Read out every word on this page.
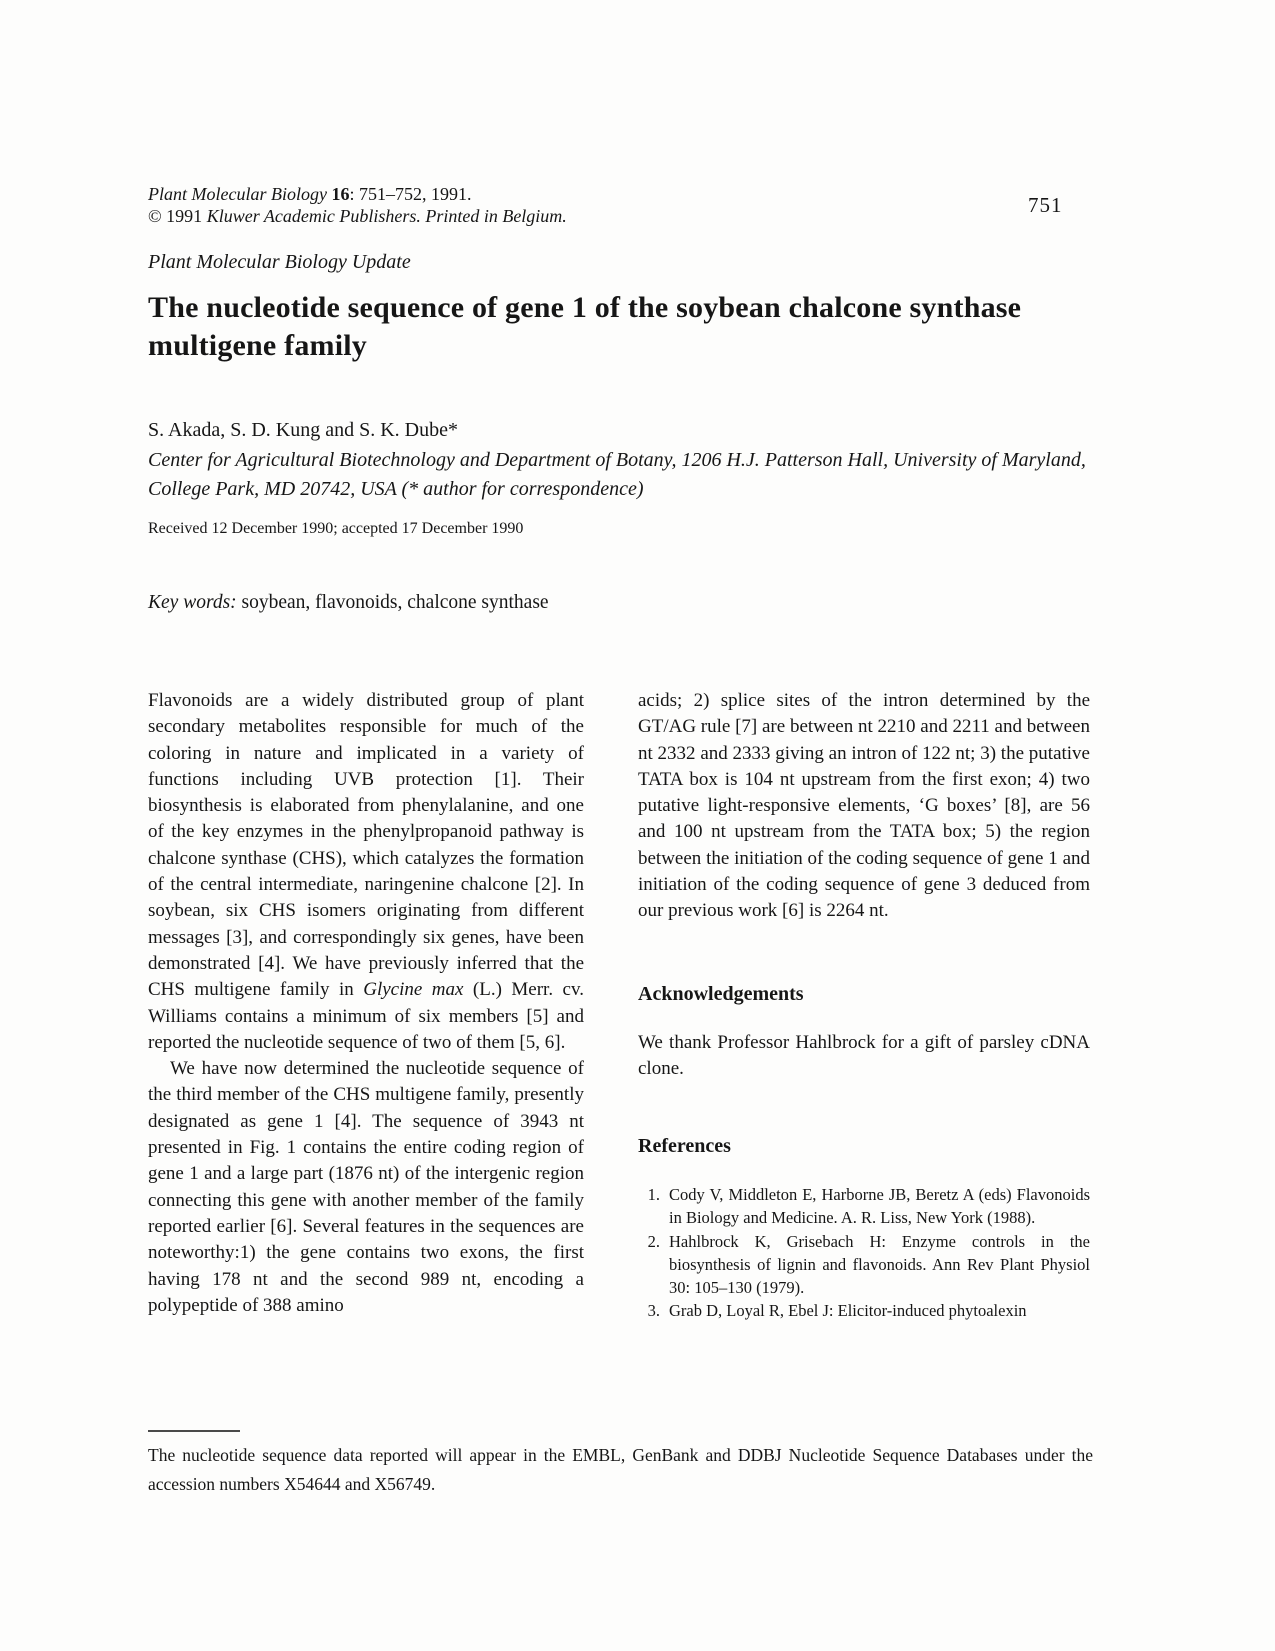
Plant Molecular Biology 16: 751–752, 1991.
© 1991 Kluwer Academic Publishers. Printed in Belgium.	751
Plant Molecular Biology Update
The nucleotide sequence of gene 1 of the soybean chalcone synthase multigene family
S. Akada, S. D. Kung and S. K. Dube*
Center for Agricultural Biotechnology and Department of Botany, 1206 H.J. Patterson Hall, University of Maryland, College Park, MD 20742, USA (* author for correspondence)
Received 12 December 1990; accepted 17 December 1990
Key words: soybean, flavonoids, chalcone synthase

Flavonoids are a widely distributed group of plant secondary metabolites responsible for much of the coloring in nature and implicated in a variety of functions including UVB protection [1]. Their biosynthesis is elaborated from phenylalanine, and one of the key enzymes in the phenylpropanoid pathway is chalcone synthase (CHS), which catalyzes the formation of the central intermediate, naringenine chalcone [2]. In soybean, six CHS isomers originating from different messages [3], and correspondingly six genes, have been demonstrated [4]. We have previously inferred that the CHS multigene family in Glycine max (L.) Merr. cv. Williams contains a minimum of six members [5] and reported the nucleotide sequence of two of them [5, 6].

We have now determined the nucleotide sequence of the third member of the CHS multigene family, presently designated as gene 1 [4]. The sequence of 3943 nt presented in Fig. 1 contains the entire coding region of gene 1 and a large part (1876 nt) of the intergenic region connecting this gene with another member of the family reported earlier [6]. Several features in the sequences are noteworthy:1) the gene contains two exons, the first having 178 nt and the second 989 nt, encoding a polypeptide of 388 amino

acids; 2) splice sites of the intron determined by the GT/AG rule [7] are between nt 2210 and 2211 and between nt 2332 and 2333 giving an intron of 122 nt; 3) the putative TATA box is 104 nt upstream from the first exon; 4) two putative light-responsive elements, ‘G boxes’ [8], are 56 and 100 nt upstream from the TATA box; 5) the region between the initiation of the coding sequence of gene 1 and initiation of the coding sequence of gene 3 deduced from our previous work [6] is 2264 nt.

Acknowledgements

We thank Professor Hahlbrock for a gift of parsley cDNA clone.

References
1. Cody V, Middleton E, Harborne JB, Beretz A (eds) Flavonoids in Biology and Medicine. A. R. Liss, New York (1988).
2. Hahlbrock K, Grisebach H: Enzyme controls in the biosynthesis of lignin and flavonoids. Ann Rev Plant Physiol 30: 105–130 (1979).
3. Grab D, Loyal R, Ebel J: Elicitor-induced phytoalexin

The nucleotide sequence data reported will appear in the EMBL, GenBank and DDBJ Nucleotide Sequence Databases under the accession numbers X54644 and X56749.
